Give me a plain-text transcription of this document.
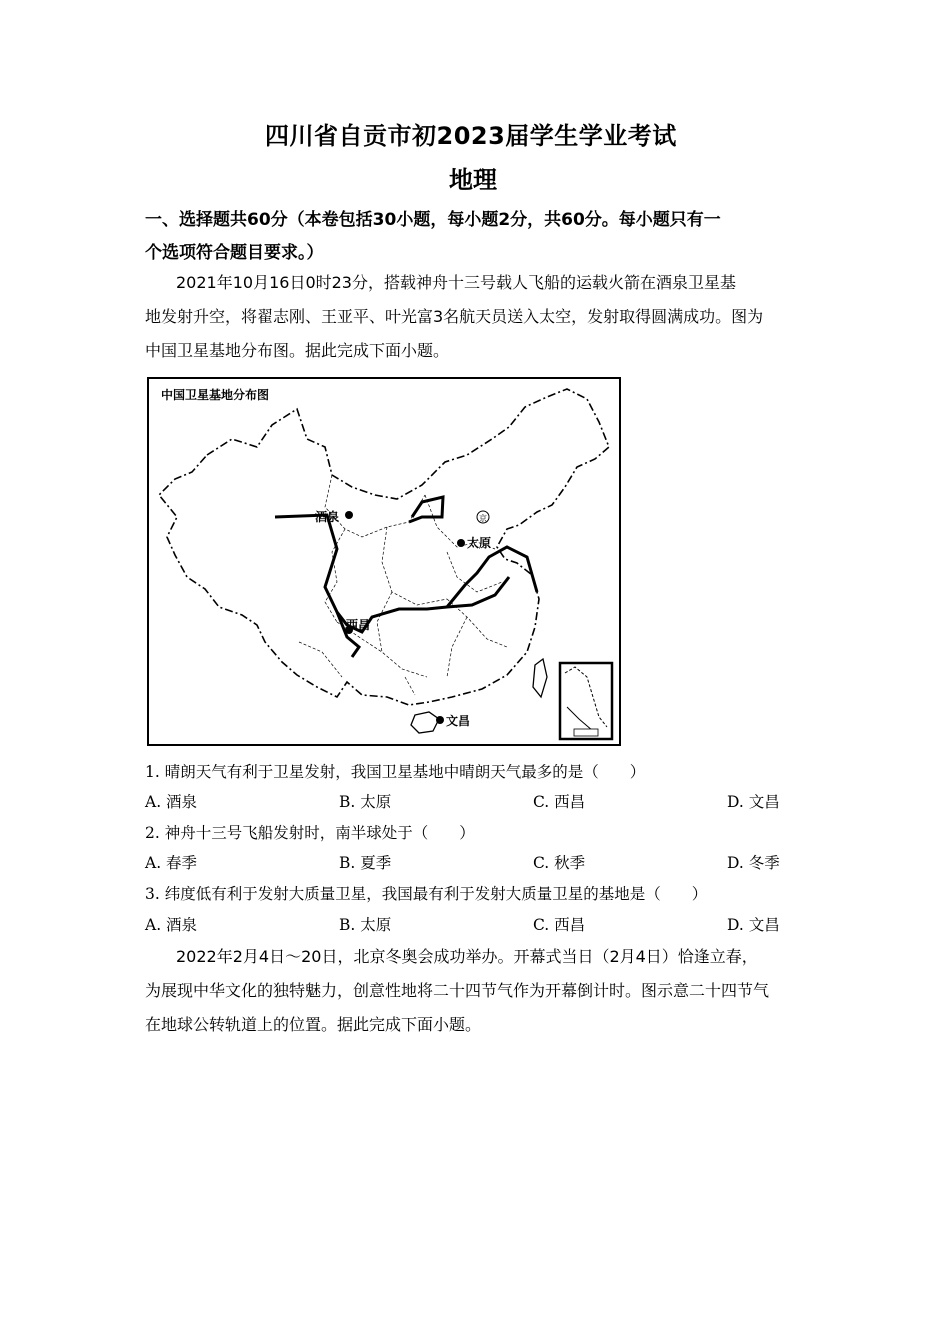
四川省自贡市初2023届学生学业考试
地理
一、选择题共60分（本卷包括30小题，每小题2分，共60分。每小题只有一
个选项符合题目要求。）
2021年10月16日0时23分，搭载神舟十三号载人飞船的运载火箭在酒泉卫星基
地发射升空，将翟志刚、王亚平、叶光富3名航天员送入太空，发射取得圆满成功。图为
中国卫星基地分布图。据此完成下面小题。
中国卫星基地分布图
京
酒泉
太原
西昌
文昌
1. 晴朗天气有利于卫星发射，我国卫星基地中晴朗天气最多的是（　　）
A. 酒泉	B. 太原	C. 西昌	D. 文昌
2. 神舟十三号飞船发射时，南半球处于（　　）
A. 春季	B. 夏季	C. 秋季	D. 冬季
3. 纬度低有利于发射大质量卫星，我国最有利于发射大质量卫星的基地是（　　）
A. 酒泉	B. 太原	C. 西昌	D. 文昌
2022年2月4日～20日，北京冬奥会成功举办。开幕式当日（2月4日）恰逢立春，
为展现中华文化的独特魅力，创意性地将二十四节气作为开幕倒计时。图示意二十四节气
在地球公转轨道上的位置。据此完成下面小题。
